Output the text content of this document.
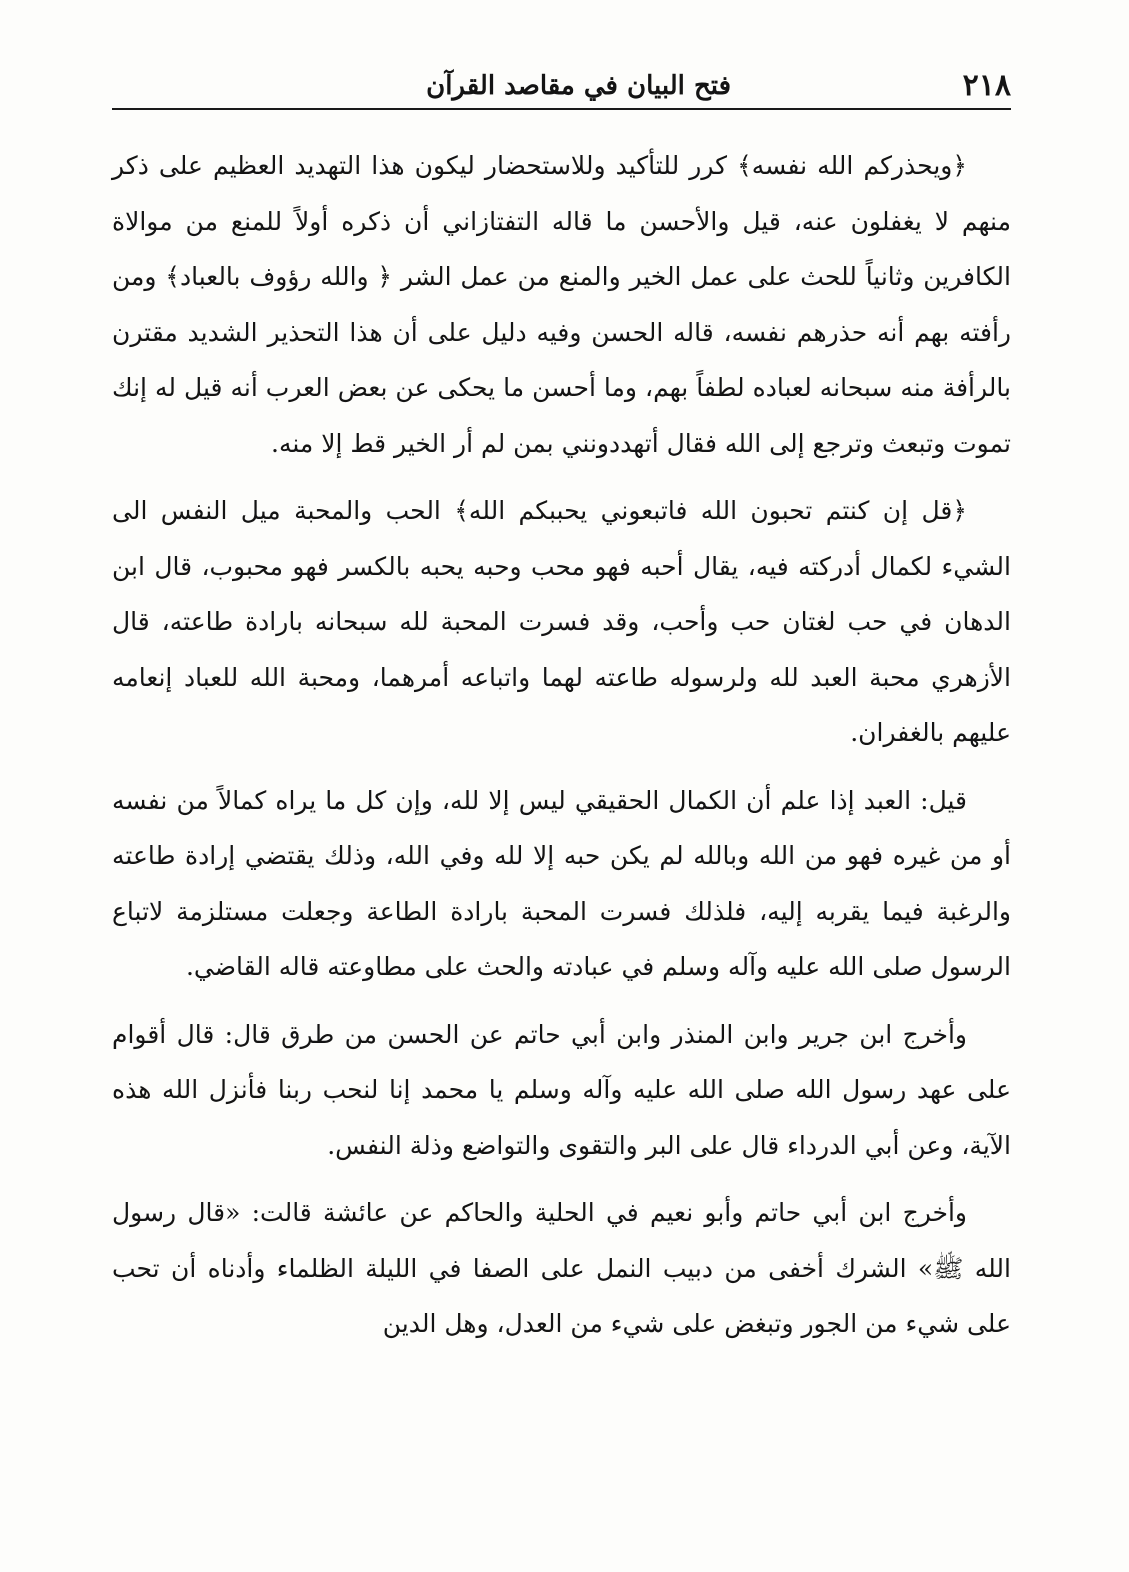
٢١٨
فتح البيان في مقاصد القرآن

﴿ويحذركم الله نفسه﴾ كرر للتأكيد وللاستحضار ليكون هذا التهديد العظيم على ذكر منهم لا يغفلون عنه، قيل والأحسن ما قاله التفتازاني أن ذكره أولاً للمنع من موالاة الكافرين وثانياً للحث على عمل الخير والمنع من عمل الشر ﴿ والله رؤوف بالعباد﴾ ومن رأفته بهم أنه حذرهم نفسه، قاله الحسن وفيه دليل على أن هذا التحذير الشديد مقترن بالرأفة منه سبحانه لعباده لطفاً بهم، وما أحسن ما يحكى عن بعض العرب أنه قيل له إنك تموت وتبعث وترجع إلى الله فقال أتهددونني بمن لم أر الخير قط إلا منه.

﴿قل إن كنتم تحبون الله فاتبعوني يحببكم الله﴾ الحب والمحبة ميل النفس الى الشيء لكمال أدركته فيه، يقال أحبه فهو محب وحبه يحبه بالكسر فهو محبوب، قال ابن الدهان في حب لغتان حب وأحب، وقد فسرت المحبة لله سبحانه بارادة طاعته، قال الأزهري محبة العبد لله ولرسوله طاعته لهما واتباعه أمرهما، ومحبة الله للعباد إنعامه عليهم بالغفران.

قيل: العبد إذا علم أن الكمال الحقيقي ليس إلا لله، وإن كل ما يراه كمالاً من نفسه أو من غيره فهو من الله وبالله لم يكن حبه إلا لله وفي الله، وذلك يقتضي إرادة طاعته والرغبة فيما يقربه إليه، فلذلك فسرت المحبة بارادة الطاعة وجعلت مستلزمة لاتباع الرسول صلى الله عليه وآله وسلم في عبادته والحث على مطاوعته قاله القاضي.

وأخرج ابن جرير وابن المنذر وابن أبي حاتم عن الحسن من طرق قال: قال أقوام على عهد رسول الله صلى الله عليه وآله وسلم يا محمد إنا لنحب ربنا فأنزل الله هذه الآية، وعن أبي الدرداء قال على البر والتقوى والتواضع وذلة النفس.

وأخرج ابن أبي حاتم وأبو نعيم في الحلية والحاكم عن عائشة قالت: «قال رسول الله ﷺ» الشرك أخفى من دبيب النمل على الصفا في الليلة الظلماء وأدناه أن تحب على شيء من الجور وتبغض على شيء من العدل، وهل الدين
